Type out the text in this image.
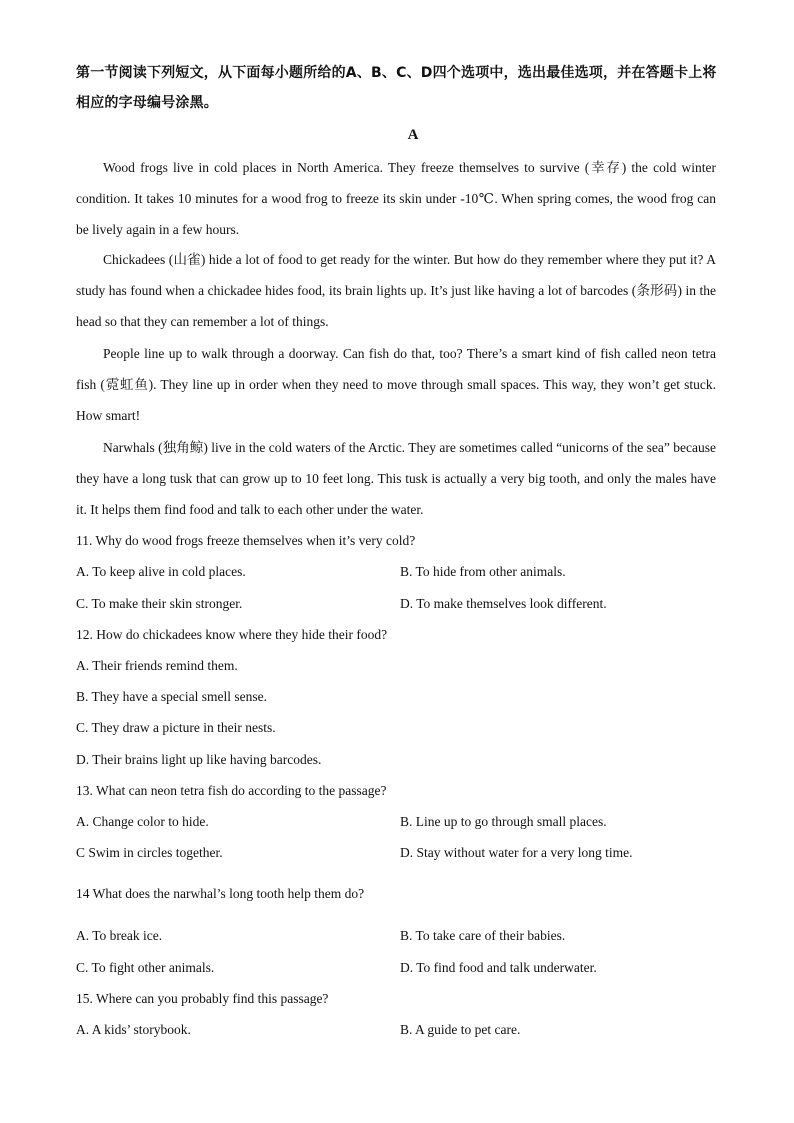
第一节阅读下列短文，从下面每小题所给的A、B、C、D四个选项中，选出最佳选项，并在答题卡上将相应的字母编号涂黑。
A
Wood frogs live in cold places in North America. They freeze themselves to survive (幸存) the cold winter condition. It takes 10 minutes for a wood frog to freeze its skin under -10℃. When spring comes, the wood frog can be lively again in a few hours.
Chickadees (山雀) hide a lot of food to get ready for the winter. But how do they remember where they put it? A study has found when a chickadee hides food, its brain lights up. It’s just like having a lot of barcodes (条形码) in the head so that they can remember a lot of things.
People line up to walk through a doorway. Can fish do that, too? There’s a smart kind of fish called neon tetra fish (霓虹鱼). They line up in order when they need to move through small spaces. This way, they won’t get stuck. How smart!
Narwhals (独角鲸) live in the cold waters of the Arctic. They are sometimes called “unicorns of the sea” because they have a long tusk that can grow up to 10 feet long. This tusk is actually a very big tooth, and only the males have it. It helps them find food and talk to each other under the water.
11. Why do wood frogs freeze themselves when it’s very cold?
A. To keep alive in cold places.	B. To hide from other animals.
C. To make their skin stronger.	D. To make themselves look different.
12. How do chickadees know where they hide their food?
A. Their friends remind them.
B. They have a special smell sense.
C. They draw a picture in their nests.
D. Their brains light up like having barcodes.
13. What can neon tetra fish do according to the passage?
A. Change color to hide.	B. Line up to go through small places.
C Swim in circles together.	D. Stay without water for a very long time.
14 What does the narwhal’s long tooth help them do?
A. To break ice.	B. To take care of their babies.
C. To fight other animals.	D. To find food and talk underwater.
15. Where can you probably find this passage?
A. A kids’ storybook.	B. A guide to pet care.
